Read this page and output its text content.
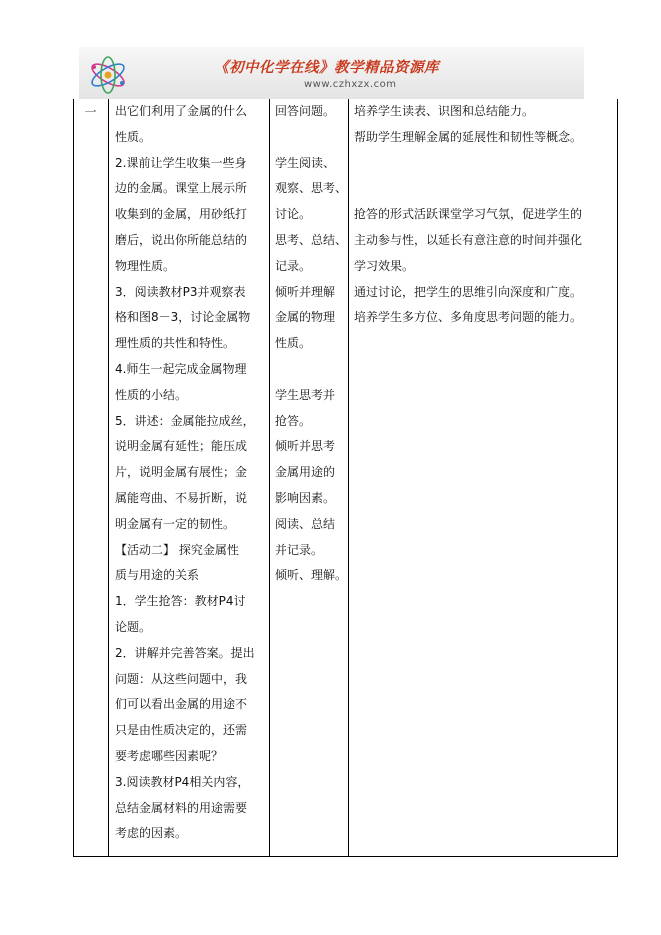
《初中化学在线》教学精品资源库
www.czhxzx.com
一	出它们利用了金属的什么
性质。
2.课前让学生收集一些身
边的金属。课堂上展示所
收集到的金属，用砂纸打
磨后，说出你所能总结的
物理性质。
3．阅读教材P3并观察表
格和图8－3，讨论金属物
理性质的共性和特性。
4.师生一起完成金属物理
性质的小结。
5．讲述：金属能拉成丝，
说明金属有延性；能压成
片，说明金属有展性；金
属能弯曲、不易折断，说
明金属有一定的韧性。
【活动二】 探究金属性
质与用途的关系
1．学生抢答：教材P4讨
论题。
2．讲解并完善答案。提出
问题：从这些问题中，我
们可以看出金属的用途不
只是由性质决定的，还需
要考虑哪些因素呢？
3.阅读教材P4相关内容，
总结金属材料的用途需要
考虑的因素。
回答问题。
学生阅读、
观察、思考、
讨论。
思考、总结、
记录。
倾听并理解
金属的物理
性质。
学生思考并
抢答。
倾听并思考
金属用途的
影响因素。
阅读、总结
并记录。
倾听、理解。
培养学生读表、识图和总结能力。
帮助学生理解金属的延展性和韧性等概念。
抢答的形式活跃课堂学习气氛，促进学生的
主动参与性，以延长有意注意的时间并强化
学习效果。
通过讨论，把学生的思维引向深度和广度。
培养学生多方位、多角度思考问题的能力。
